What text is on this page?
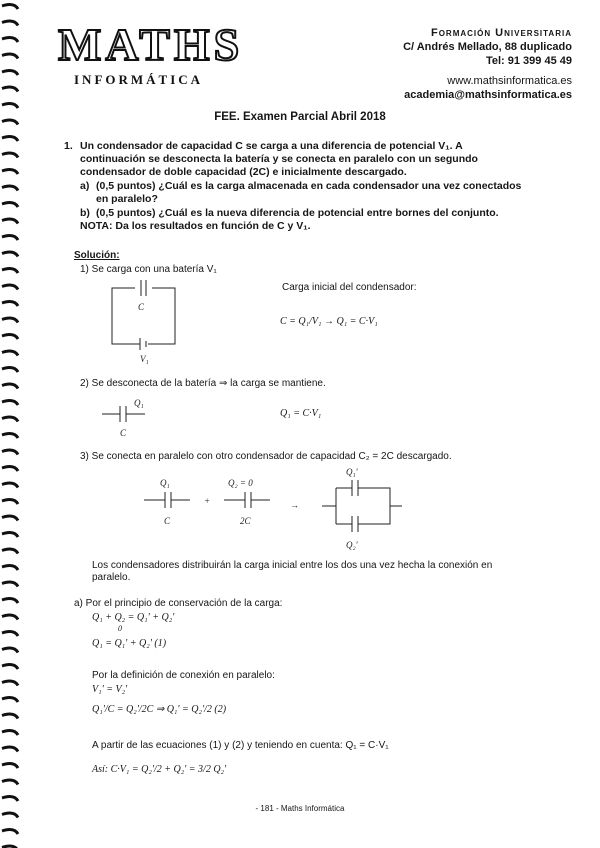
MATHS
INFORMÁTICA
Formación Universitaria
C/ Andrés Mellado, 88 duplicado
Tel: 91 399 45 49
www.mathsinformatica.es
academia@mathsinformatica.es
FEE. Examen Parcial Abril 2018
1. Un condensador de capacidad C se carga a una diferencia de potencial V₁. A
continuación se desconecta la batería y se conecta en paralelo con un segundo
condensador de doble capacidad (2C) e inicialmente descargado.
a) (0,5 puntos) ¿Cuál es la carga almacenada en cada condensador una vez conectados
en paralelo?
b) (0,5 puntos) ¿Cuál es la nueva diferencia de potencial entre bornes del conjunto.
NOTA: Da los resultados en función de C y V₁.
Solución:
1) Se carga con una batería V₁
C
V₁
Carga inicial del condensador:
C = Q₁/V₁ → Q₁ = C·V₁
2) Se desconecta de la batería ⇒ la carga se mantiene.
Q₁
C
Q₁ = C·V₁
3) Se conecta en paralelo con otro condensador de capacidad C₂ = 2C descargado.
Q₁
C
+
Q₂ = 0
2C
→
Q₁'
Q₂'
Los condensadores distribuirán la carga inicial entre los dos una vez hecha la conexión en
paralelo.
a) Por el principio de conservación de la carga:
Q₁ + Q₂ = Q₁' + Q₂'
0
Q₁ = Q₁' + Q₂' (1)
Por la definición de conexión en paralelo:
V₁' = V₂'
Q₁'/C = Q₂'/2C ⇒ Q₁' = Q₂'/2 (2)
A partir de las ecuaciones (1) y (2) y teniendo en cuenta: Q₁ = C·V₁
Así: C·V₁ = Q₂'/2 + Q₂' = 3/2 Q₂'
- 181 - Maths Informática
